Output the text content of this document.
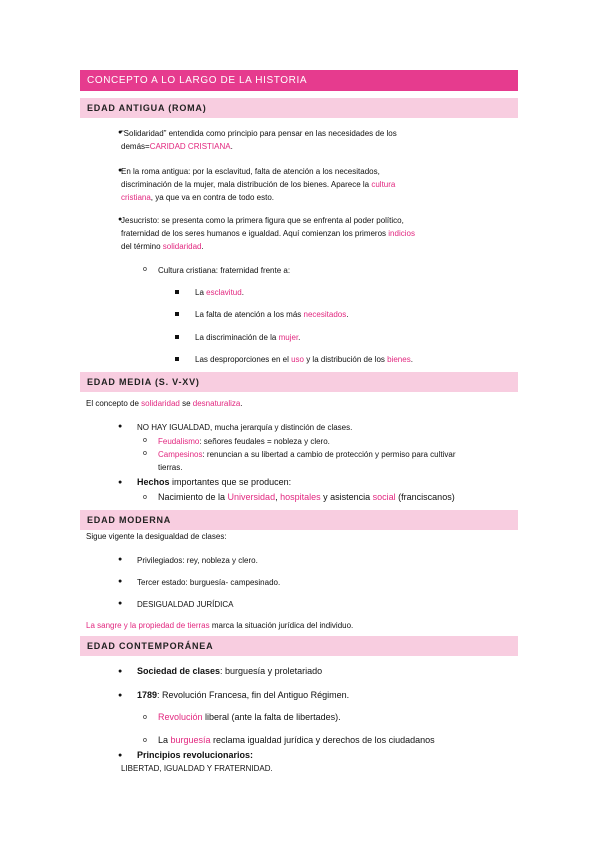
CONCEPTO A LO LARGO DE LA HISTORIA
EDAD ANTIGUA (ROMA)
●
“Solidaridad” entendida como principio para pensar en las necesidades de los
demás=CARIDAD CRISTIANA.
●
En la roma antigua: por la esclavitud, falta de atención a los necesitados,
discriminación de la mujer, mala distribución de los bienes. Aparece la cultura
cristiana, ya que va en contra de todo esto.
●
Jesucristo: se presenta como la primera figura que se enfrenta al poder político,
fraternidad de los seres humanos e igualdad. Aquí comienzan los primeros indicios
del término solidaridad.
o Cultura cristiana: fraternidad frente a:
La esclavitud.
La falta de atención a los más necesitados.
La discriminación de la mujer.
Las desproporciones en el uso y la distribución de los bienes.
EDAD MEDIA (S. V-XV)
El concepto de solidaridad se desnaturaliza.
● NO HAY IGUALDAD, mucha jerarquía y distinción de clases.
o Feudalismo: señores feudales = nobleza y clero.
o Campesinos: renuncian a su libertad a cambio de protección y permiso para cultivar
tierras.
● Hechos importantes que se producen:
o Nacimiento de la Universidad, hospitales y asistencia social (franciscanos)
EDAD MODERNA
Sigue vigente la desigualdad de clases:
● Privilegiados: rey, nobleza y clero.
● Tercer estado: burguesía- campesinado.
● DESIGUALDAD JURÍDICA
La sangre y la propiedad de tierras marca la situación jurídica del individuo.
EDAD CONTEMPORÁNEA
● Sociedad de clases: burguesía y proletariado
● 1789: Revolución Francesa, fin del Antiguo Régimen.
o Revolución liberal (ante la falta de libertades).
o La burguesía reclama igualdad jurídica y derechos de los ciudadanos
●	Principios revolucionarios:
LIBERTAD, IGUALDAD Y FRATERNIDAD.
